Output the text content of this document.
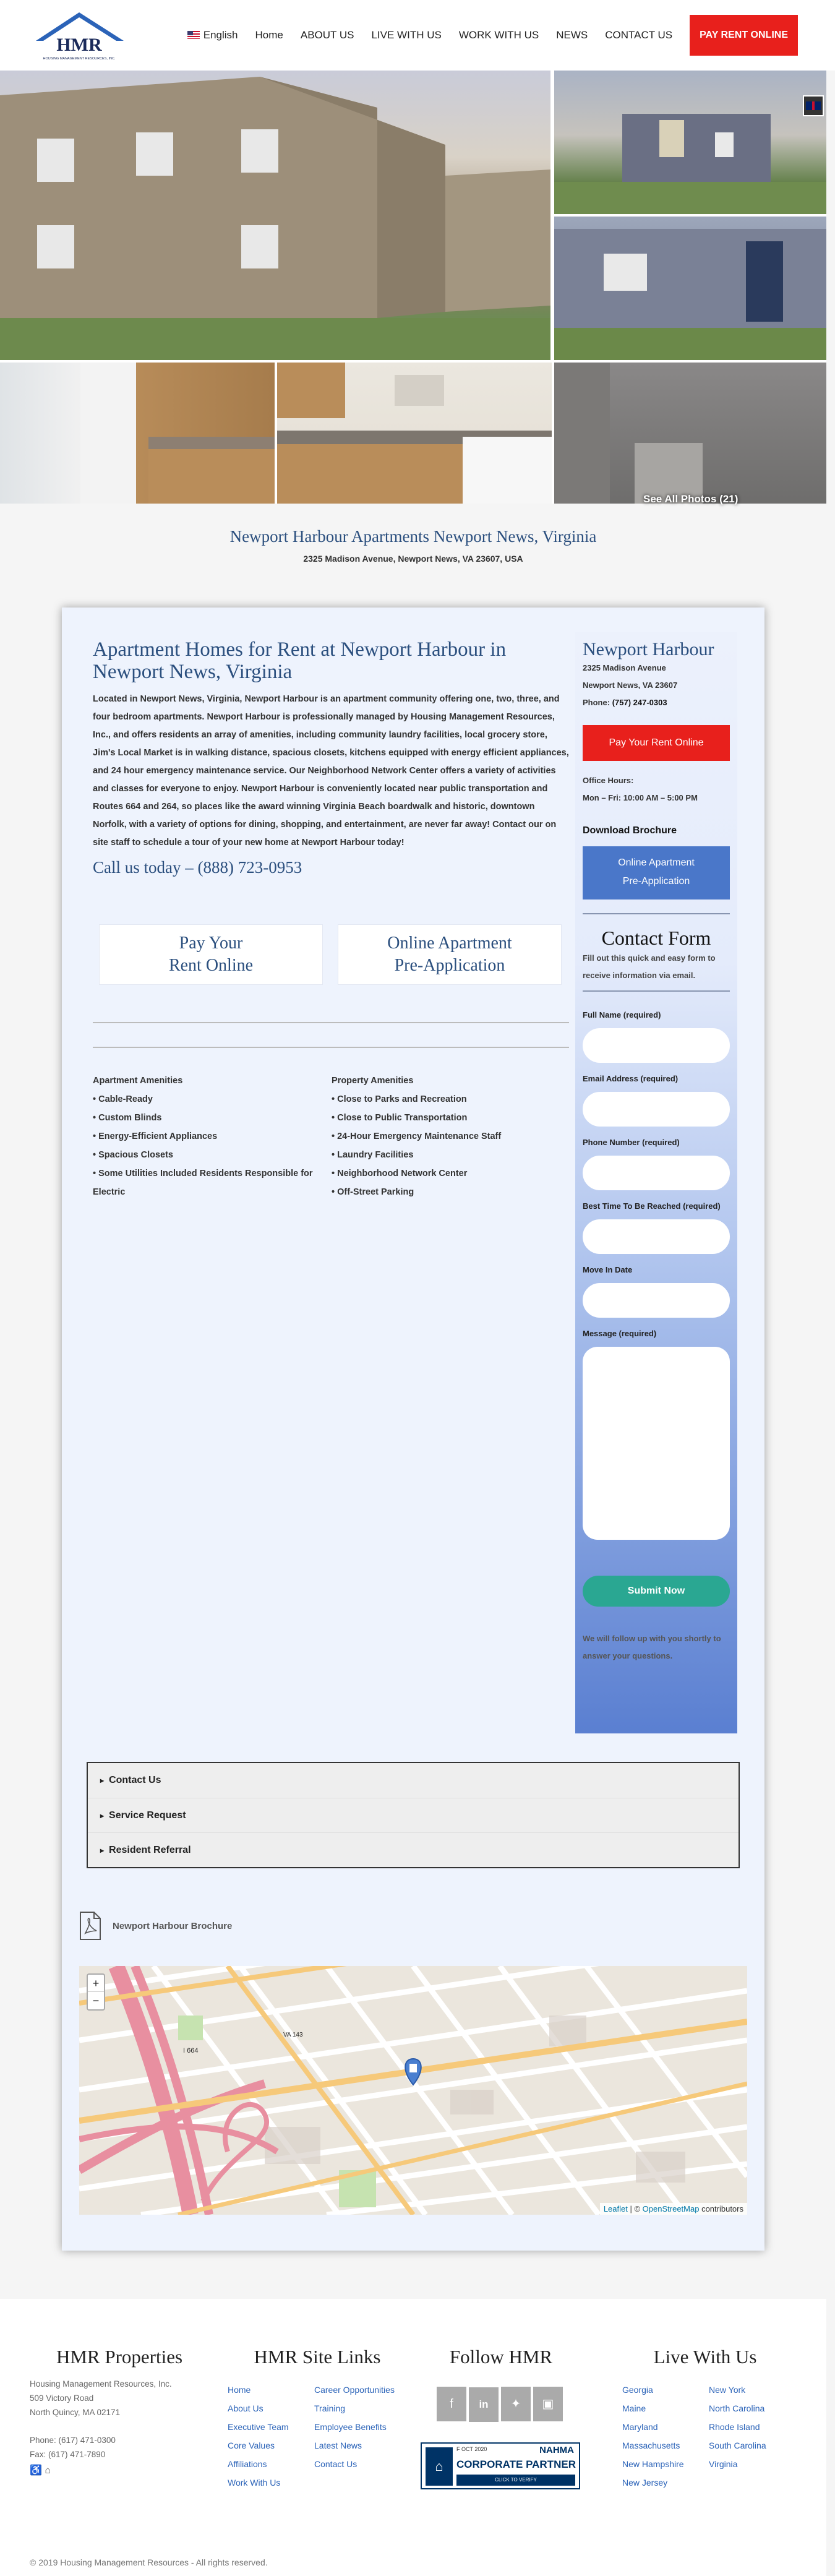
HMR
HOUSING MANAGEMENT RESOURCES, INC.
English Home ABOUT US LIVE WITH US WORK WITH US NEWS CONTACT US	PAY RENT ONLINE
See All Photos (21)
Newport Harbour Apartments Newport News, Virginia

2325 Madison Avenue, Newport News, VA 23607, USA

Apartment Homes for Rent at Newport Harbour in Newport News, Virginia

Located in Newport News, Virginia, Newport Harbour is an apartment community offering one, two, three, and four bedroom apartments. Newport Harbour is professionally managed by Housing Management Resources, Inc., and offers residents an array of amenities, including community laundry facilities, local grocery store, Jim's Local Market is in walking distance, spacious closets, kitchens equipped with energy efficient appliances, and 24 hour emergency maintenance service. Our Neighborhood Network Center offers a variety of activities and classes for everyone to enjoy. Newport Harbour is conveniently located near public transportation and Routes 664 and 264, so places like the award winning Virginia Beach boardwalk and historic, downtown Norfolk, with a variety of options for dining, shopping, and entertainment, are never far away! Contact our on site staff to schedule a tour of your new home at Newport Harbour today!

Call us today – (888) 723-0953
Pay Your
Rent Online
Online Apartment
Pre-Application
Apartment Amenities
• Cable-Ready
• Custom Blinds
• Energy-Efficient Appliances
• Spacious Closets
• Some Utilities Included Residents Responsible for Electric
Property Amenities
• Close to Parks and Recreation
• Close to Public Transportation
• 24-Hour Emergency Maintenance Staff
• Laundry Facilities
• Neighborhood Network Center
• Off-Street Parking
Newport Harbour
2325 Madison Avenue
Newport News, VA 23607
Phone: (757) 247-0303
Pay Your Rent Online
Office Hours:
Mon – Fri: 10:00 AM – 5:00 PM
Download Brochure
Online Apartment
Pre-Application
Contact Form
Fill out this quick and easy form to receive information via email.
Full Name (required)
Email Address (required)
Phone Number (required)
Best Time To Be Reached (required)
Move In Date
Message (required)
Submit Now
We will follow up with you shortly to answer your questions.
▸ Contact Us
▸ Service Request
▸ Resident Referral
Newport Harbour Brochure
I 664
VA 143
+
−
Leaflet | © OpenStreetMap contributors
HMR Properties
Housing Management Resources, Inc.
509 Victory Road
North Quincy, MA 02171
Phone: (617) 471-0300
Fax: (617) 471-7890
♿ ⌂
HMR Site Links
Home
About Us
Executive Team
Core Values
Affiliations
Work With Us
Career Opportunities
Training
Employee Benefits
Latest News
Contact Us
Follow HMR
f in ✦ ▣
⌂
F OCT 2020	NAHMA
CORPORATE PARTNER
CLICK TO VERIFY
Live With Us
Georgia
Maine
Maryland
Massachusetts
New Hampshire
New Jersey
New York
North Carolina
Rhode Island
South Carolina
Virginia
© 2019 Housing Management Resources - All rights reserved.
